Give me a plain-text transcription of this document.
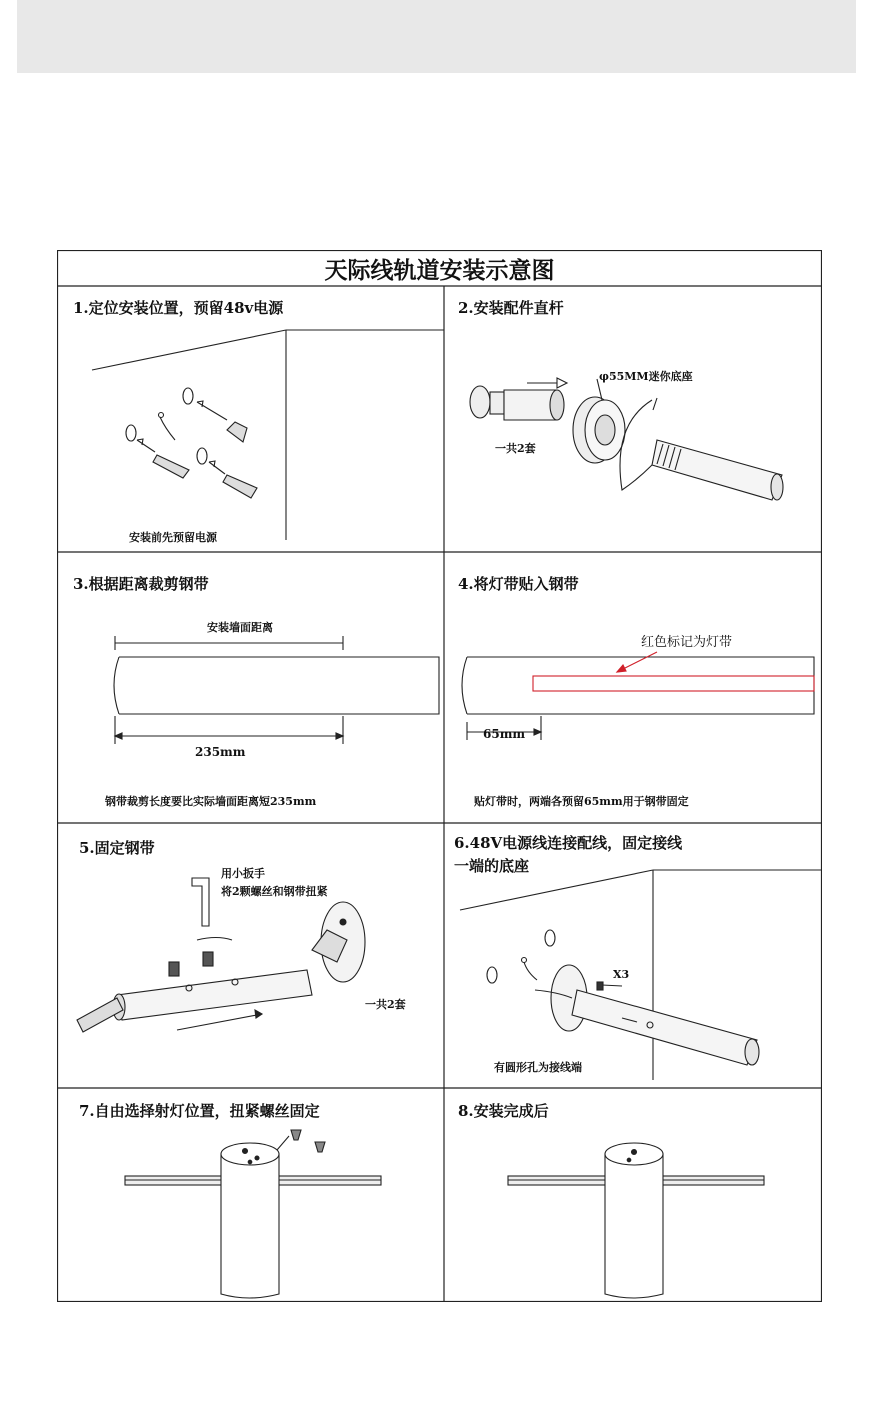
天际线轨道安装示意图
1.定位安装位置，预留48v电源
安装前先预留电源
2.安装配件直杆
φ55MM迷你底座
一共2套
3.根据距离裁剪钢带
安装墙面距离
235mm
钢带裁剪长度要比实际墙面距离短235mm
4.将灯带贴入钢带
红色标记为灯带
65mm
贴灯带时，两端各预留65mm用于钢带固定
5.固定钢带
用小扳手
将2颗螺丝和钢带扭紧
一共2套
6.48V电源线连接配线，固定接线
一端的底座
X3
有圆形孔为接线端
7.自由选择射灯位置，扭紧螺丝固定	8.安装完成后
